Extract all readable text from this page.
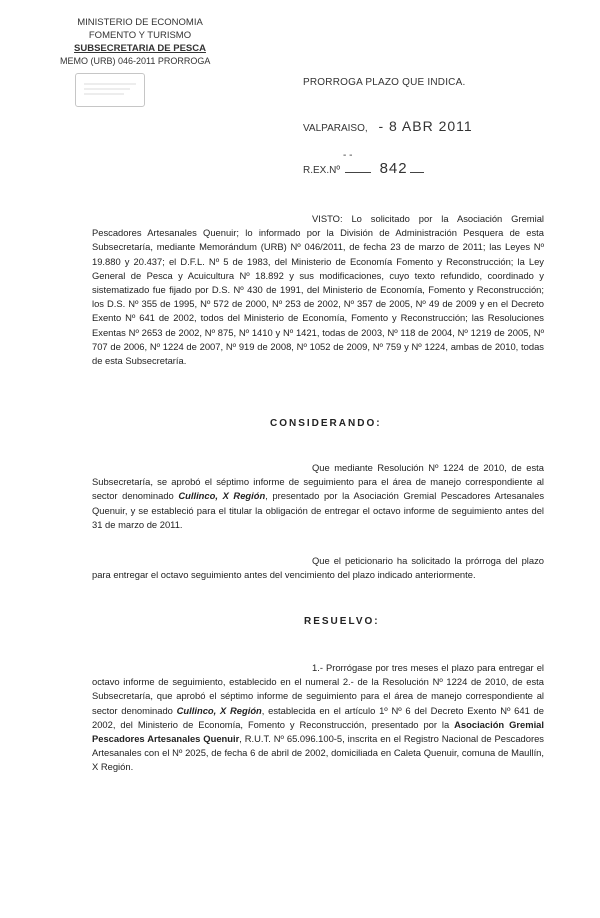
MINISTERIO DE ECONOMIA
FOMENTO Y TURISMO
SUBSECRETARIA DE PESCA
MEMO (URB) 046-2011 PRORROGA
PRORROGA PLAZO QUE INDICA.
VALPARAISO, - 8 ABR 2011
- -
R.EX.Nº	842
VISTO: Lo solicitado por la Asociación Gremial Pescadores Artesanales Quenuir; lo informado por la División de Administración Pesquera de esta Subsecretaría, mediante Memorándum (URB) Nº 046/2011, de fecha 23 de marzo de 2011; las Leyes Nº 19.880 y 20.437; el D.F.L. Nº 5 de 1983, del Ministerio de Economía Fomento y Reconstrucción; la Ley General de Pesca y Acuicultura Nº 18.892 y sus modificaciones, cuyo texto refundido, coordinado y sistematizado fue fijado por D.S. Nº 430 de 1991, del Ministerio de Economía, Fomento y Reconstrucción; los D.S. Nº 355 de 1995, Nº 572 de 2000, Nº 253 de 2002, Nº 357 de 2005, Nº 49 de 2009 y en el Decreto Exento Nº 641 de 2002, todos del Ministerio de Economía, Fomento y Reconstrucción; las Resoluciones Exentas Nº 2653 de 2002, Nº 875, Nº 1410 y Nº 1421, todas de 2003, Nº 118 de 2004, Nº 1219 de 2005, Nº 707 de 2006, Nº 1224 de 2007, Nº 919 de 2008, Nº 1052 de 2009, Nº 759 y Nº 1224, ambas de 2010, todas de esta Subsecretaría.
CONSIDERANDO:
Que mediante Resolución Nº 1224 de 2010, de esta Subsecretaría, se aprobó el séptimo informe de seguimiento para el área de manejo correspondiente al sector denominado Cullinco, X Región, presentado por la Asociación Gremial Pescadores Artesanales Quenuir, y se estableció para el titular la obligación de entregar el octavo informe de seguimiento antes del 31 de marzo de 2011.
Que el peticionario ha solicitado la prórroga del plazo para entregar el octavo seguimiento antes del vencimiento del plazo indicado anteriormente.
RESUELVO:
1.- Prorrógase por tres meses el plazo para entregar el octavo informe de seguimiento, establecido en el numeral 2.- de la Resolución Nº 1224 de 2010, de esta Subsecretaría, que aprobó el séptimo informe de seguimiento para el área de manejo correspondiente al sector denominado Cullinco, X Región, establecida en el artículo 1º Nº 6 del Decreto Exento Nº 641 de 2002, del Ministerio de Economía, Fomento y Reconstrucción, presentado por la Asociación Gremial Pescadores Artesanales Quenuir, R.U.T. Nº 65.096.100-5, inscrita en el Registro Nacional de Pescadores Artesanales con el Nº 2025, de fecha 6 de abril de 2002, domiciliada en Caleta Quenuir, comuna de Maullín, X Región.
